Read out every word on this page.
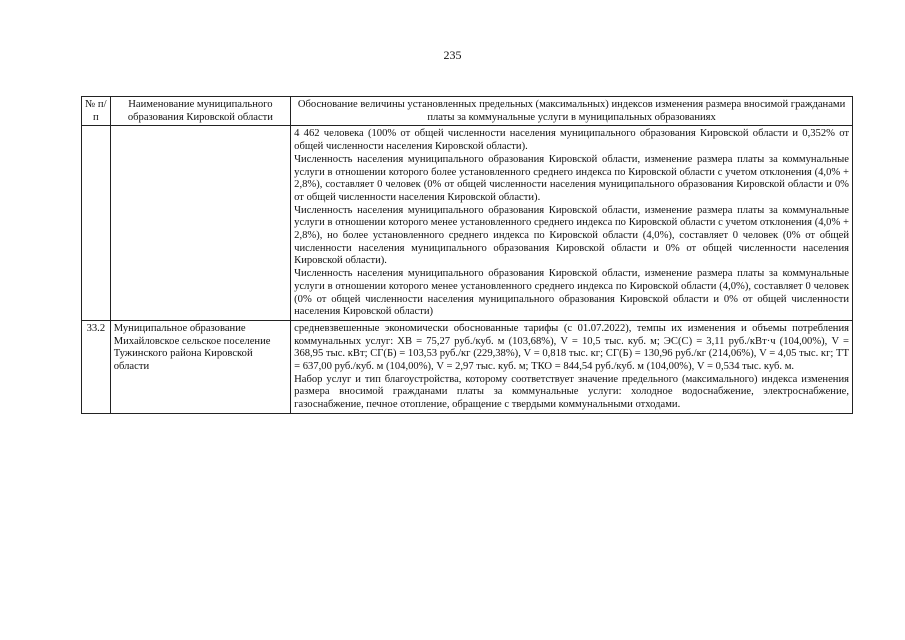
235
№ п/п	Наименование муниципального образования Кировской области	Обоснование величины установленных предельных (максимальных) индексов изменения размера вносимой гражданами платы за коммунальные услуги в муниципальных образованиях

		4 462 человека (100% от общей численности населения муниципального образования Кировской области и 0,352% от общей численности населения Кировской области).

Численность населения муниципального образования Кировской области, изменение размера платы за коммунальные услуги в отношении которого более установленного среднего индекса по Кировской области с учетом отклонения (4,0% + 2,8%), составляет 0 человек (0% от общей численности населения муниципального образования Кировской области и 0% от общей численности населения Кировской области).

Численность населения муниципального образования Кировской области, изменение размера платы за коммунальные услуги в отношении которого менее установленного среднего индекса по Кировской области с учетом отклонения (4,0% + 2,8%), но более установленного среднего индекса по Кировской области (4,0%), составляет 0 человек (0% от общей численности населения муниципального образования Кировской области и 0% от общей численности населения Кировской области).

Численность населения муниципального образования Кировской области, изменение размера платы за коммунальные услуги в отношении которого менее установленного среднего индекса по Кировской области (4,0%), составляет 0 человек (0% от общей численности населения муниципального образования Кировской области и 0% от общей численности населения Кировской области)

33.2	Муниципальное образование Михайловское сельское поселение Тужинского района Кировской области	средневзвешенные экономически обоснованные тарифы (с 01.07.2022), темпы их изменения и объемы потребления коммунальных услуг: ХВ = 75,27 руб./куб. м (103,68%), V = 10,5 тыс. куб. м; ЭС(С) = 3,11 руб./кВт·ч (104,00%), V = 368,95 тыс. кВт; СГ(Б) = 103,53 руб./кг (229,38%), V = 0,818 тыс. кг; СГ(Б) = 130,96 руб./кг (214,06%), V = 4,05 тыс. кг; ТТ = 637,00 руб./куб. м (104,00%), V = 2,97 тыс. куб. м; ТКО = 844,54 руб./куб. м (104,00%), V = 0,534 тыс. куб. м.

Набор услуг и тип благоустройства, которому соответствует значение предельного (максимального) индекса изменения размера вносимой гражданами платы за коммунальные услуги: холодное водоснабжение, электроснабжение, газоснабжение, печное отопление, обращение с твердыми коммунальными отходами.
